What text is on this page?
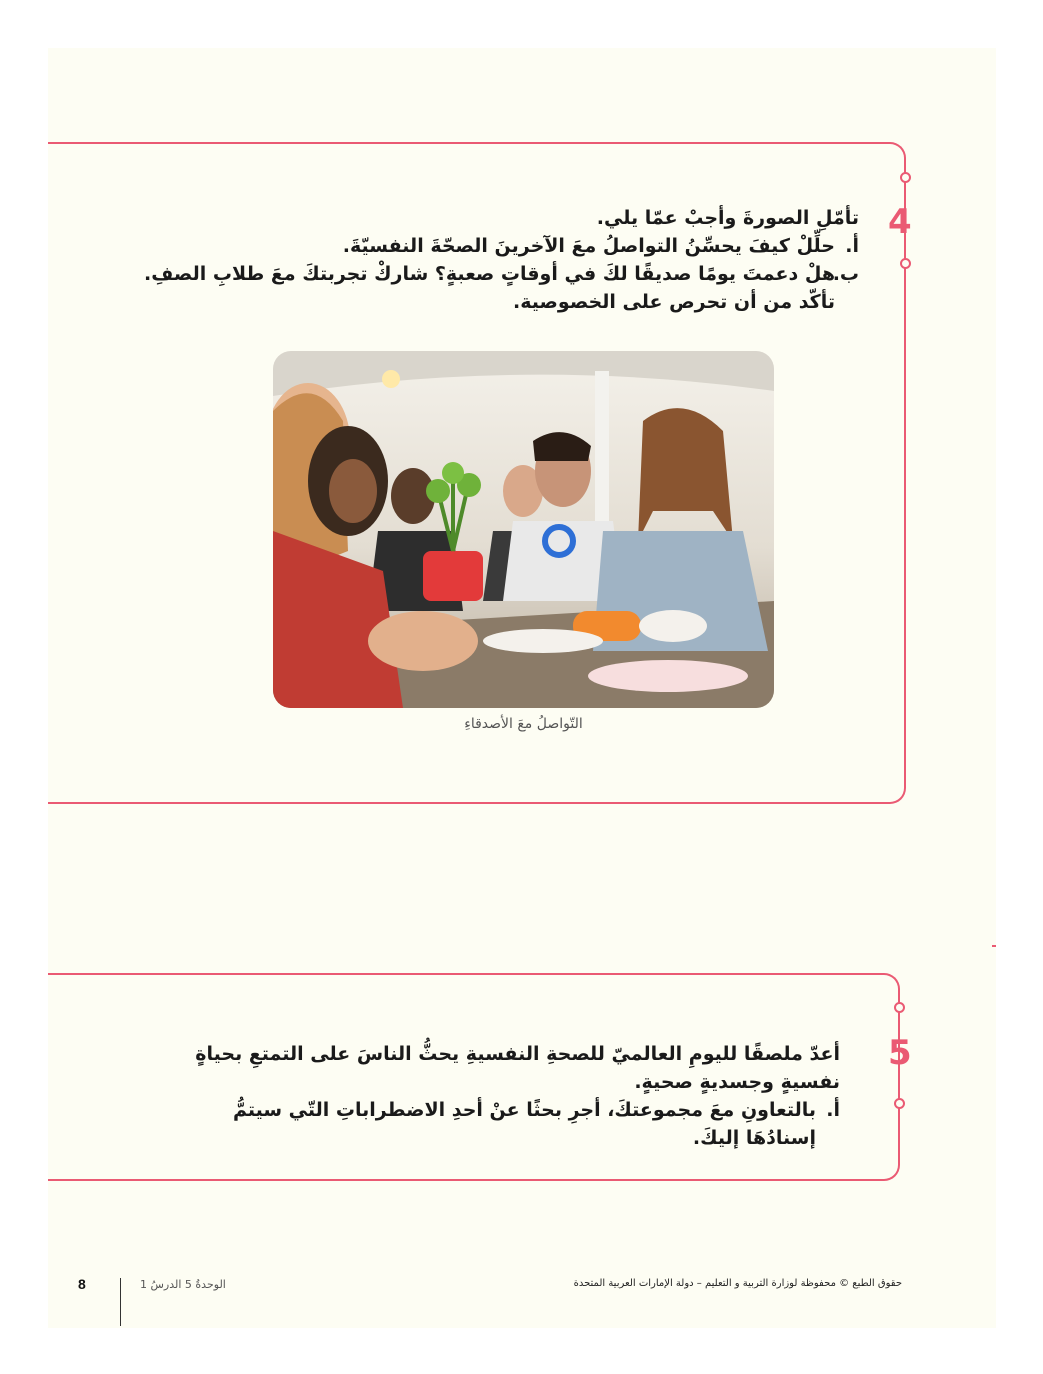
4

تأمّلِ الصورةَ وأجبْ عمّا يلي.

أ.
حلِّلْ كيفَ يحسِّنُ التواصلُ معَ الآخرينَ الصحّةَ النفسيّةَ.
ب.
هلْ دعمتَ يومًا صديقًا لكَ في أوقاتٍ صعبةٍ؟ شاركْ تجربتكَ معَ طلابِ الصفِ. تأكّد من أن تحرص على الخصوصية.
التّواصلُ معَ الأصدقاءِ
5

أعدّ ملصقًا لليومِ العالميّ للصحةِ النفسيةِ يحثُّ الناسَ على التمتعِ بحياةٍ نفسيةٍ وجسديةٍ صحيةٍ.

أ.
بالتعاونِ معَ مجموعتكَ، أجرِ بحثًا عنْ أحدِ الاضطراباتِ التّي سيتمُّ إسنادُهَا إليكَ.
8	الوحدةُ 5 الدرسُ 1	حقوق الطبع © محفوظة لوزارة التربية و التعليم – دولة الإمارات العربية المتحدة
